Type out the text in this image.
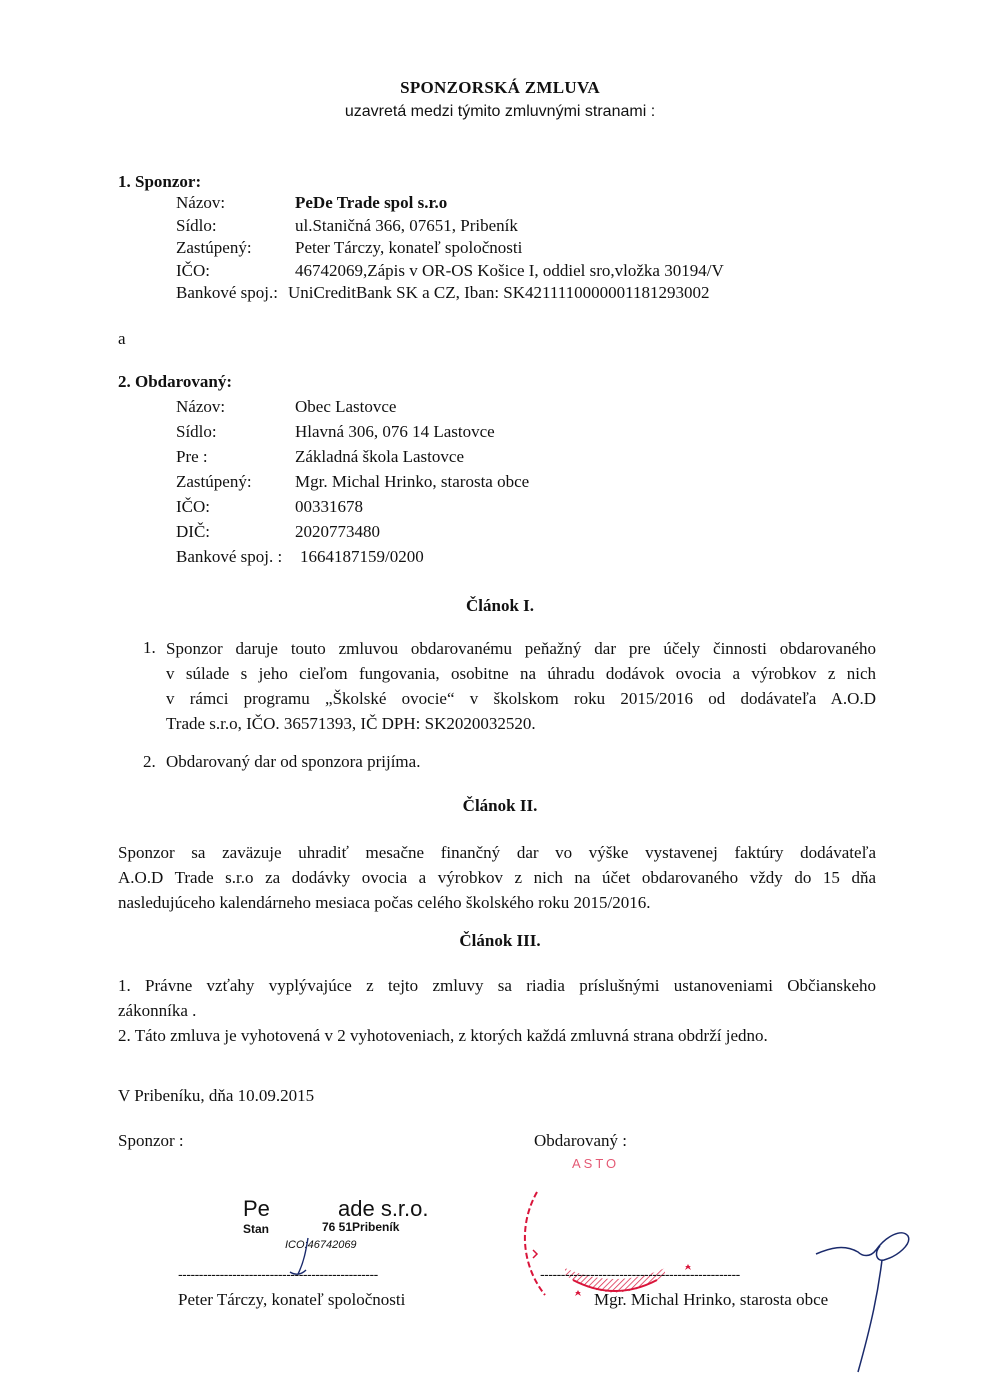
SPONZORSKÁ ZMLUVA
uzavretá medzi týmito zmluvnými stranami :
1. Sponzor:
Názov:	PeDe Trade spol s.r.o
Sídlo:	ul.Staničná 366, 07651, Pribeník
Zastúpený:	Peter Tárczy, konateľ spoločnosti
IČO:	46742069,Zápis v OR-OS Košice I, oddiel sro,vložka 30194/V
Bankové spoj.: UniCreditBank SK a CZ, Iban: SK4211110000001181293002
a
2. Obdarovaný:
Názov:	Obec Lastovce
Sídlo:	Hlavná 306, 076 14 Lastovce
Pre :	Základná škola Lastovce
Zastúpený:	Mgr. Michal Hrinko, starosta obce
IČO:	00331678
DIČ:	2020773480
Bankové spoj. : 1664187159/0200
Článok I.
1. Sponzor daruje touto zmluvou obdarovanému peňažný dar pre účely činnosti obdarovaného
v súlade s jeho cieľom fungovania, osobitne na úhradu dodávok ovocia a výrobkov z nich
v rámci programu „Školské ovocie“ v školskom roku 2015/2016 od dodávateľa A.O.D
Trade s.r.o, IČO. 36571393, IČ DPH: SK2020032520.
2. Obdarovaný dar od sponzora prijíma.
Článok II.
Sponzor sa zaväzuje uhradiť mesačne finančný dar vo výške vystavenej faktúry dodávateľa
A.O.D Trade s.r.o za dodávky ovocia a výrobkov z nich na účet obdarovaného vždy do 15 dňa
nasledujúceho kalendárneho mesiaca počas celého školského roku 2015/2016.
Článok III.
1. Právne vzťahy vyplývajúce z tejto zmluvy sa riadia príslušnými ustanoveniami Občianskeho
zákonníka .
2. Táto zmluva je vyhotovená v 2 vyhotoveniach, z ktorých každá zmluvná strana obdrží jedno.
V Pribeníku, dňa 10.09.2015
Sponzor :	Obdarovaný :
Pe	ade s.r.o.
Stan	76 51Pribeník
ICO:46742069
------------------------------------------------
Peter Tárczy, konateľ spoločnosti
ASTO
------------------------------------------------
Mgr. Michal Hrinko, starosta obce
